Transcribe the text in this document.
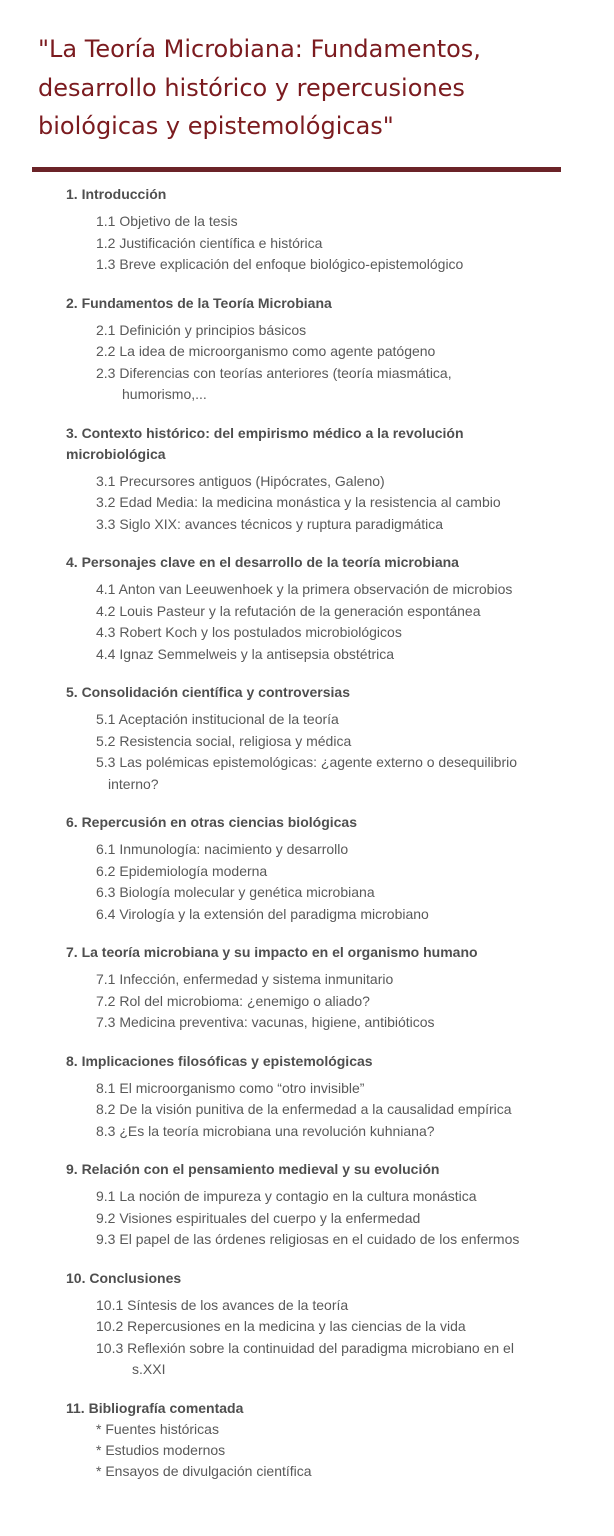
"La Teoría Microbiana: Fundamentos, desarrollo histórico y repercusiones biológicas y epistemológicas"
1. Introducción
1.1 Objetivo de la tesis
1.2 Justificación científica e histórica
1.3 Breve explicación del enfoque biológico-epistemológico
2. Fundamentos de la Teoría Microbiana
2.1 Definición y principios básicos
2.2 La idea de microorganismo como agente patógeno
2.3 Diferencias con teorías anteriores (teoría miasmática,
humorismo,...
3. Contexto histórico: del empirismo médico a la revolución microbiológica
3.1 Precursores antiguos (Hipócrates, Galeno)
3.2 Edad Media: la medicina monástica y la resistencia al cambio
3.3 Siglo XIX: avances técnicos y ruptura paradigmática
4. Personajes clave en el desarrollo de la teoría microbiana
4.1 Anton van Leeuwenhoek y la primera observación de microbios
4.2 Louis Pasteur y la refutación de la generación espontánea
4.3 Robert Koch y los postulados microbiológicos
4.4 Ignaz Semmelweis y la antisepsia obstétrica
5. Consolidación científica y controversias
5.1 Aceptación institucional de la teoría
5.2 Resistencia social, religiosa y médica
5.3 Las polémicas epistemológicas: ¿agente externo o desequilibrio
interno?
6. Repercusión en otras ciencias biológicas
6.1 Inmunología: nacimiento y desarrollo
6.2 Epidemiología moderna
6.3 Biología molecular y genética microbiana
6.4 Virología y la extensión del paradigma microbiano
7. La teoría microbiana y su impacto en el organismo humano
7.1 Infección, enfermedad y sistema inmunitario
7.2 Rol del microbioma: ¿enemigo o aliado?
7.3 Medicina preventiva: vacunas, higiene, antibióticos
8. Implicaciones filosóficas y epistemológicas
8.1 El microorganismo como “otro invisible”
8.2 De la visión punitiva de la enfermedad a la causalidad empírica
8.3 ¿Es la teoría microbiana una revolución kuhniana?
9. Relación con el pensamiento medieval y su evolución
9.1 La noción de impureza y contagio en la cultura monástica
9.2 Visiones espirituales del cuerpo y la enfermedad
9.3 El papel de las órdenes religiosas en el cuidado de los enfermos
10. Conclusiones
10.1 Síntesis de los avances de la teoría
10.2 Repercusiones en la medicina y las ciencias de la vida
10.3 Reflexión sobre la continuidad del paradigma microbiano en el
s.XXI
11. Bibliografía comentada
* Fuentes históricas
* Estudios modernos
* Ensayos de divulgación científica
